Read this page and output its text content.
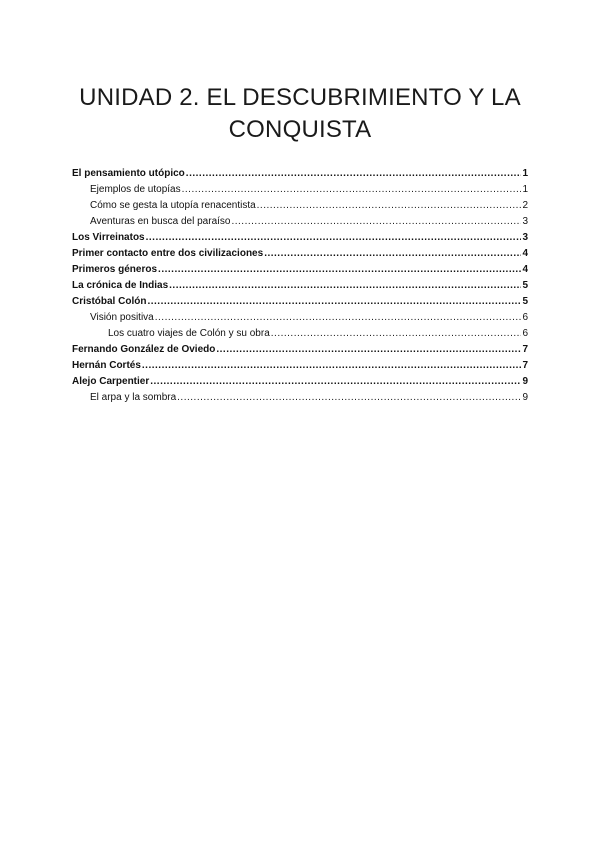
UNIDAD 2. EL DESCUBRIMIENTO Y LA
CONQUISTA
El pensamiento utópico .....	1
Ejemplos de utopías .....	1
Cómo se gesta la utopía renacentista .....	2
Aventuras en busca del paraíso .....	3
Los Virreinatos .....	3
Primer contacto entre dos civilizaciones .....	4
Primeros géneros .....	4
La crónica de Indias .....	5
Cristóbal Colón .....	5
Visión positiva .....	6
Los cuatro viajes de Colón y su obra .....	6
Fernando González de Oviedo .....	7
Hernán Cortés .....	7
Alejo Carpentier .....	9
El arpa y la sombra .....	9
